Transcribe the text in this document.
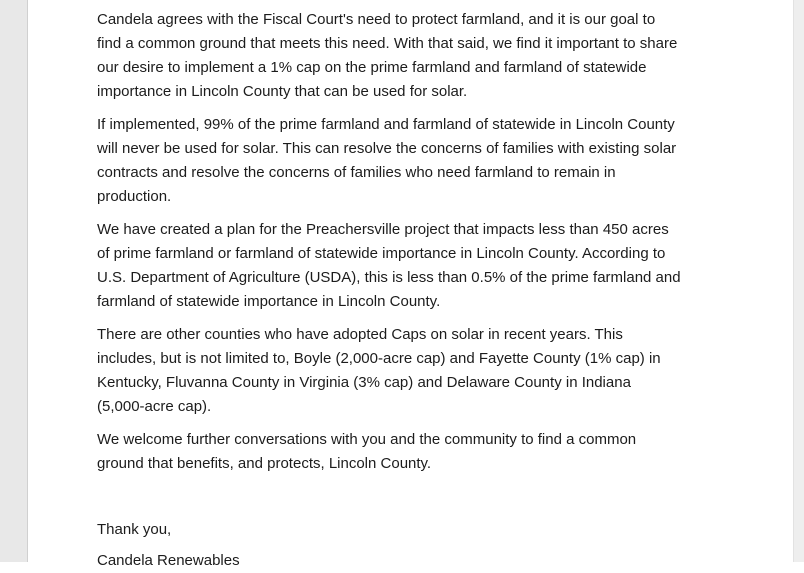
Candela agrees with the Fiscal Court's need to protect farmland, and it is our goal to
find a common ground that meets this need. With that said, we find it important to share
our desire to implement a 1% cap on the prime farmland and farmland of statewide
importance in Lincoln County that can be used for solar.
If implemented, 99% of the prime farmland and farmland of statewide in Lincoln County
will never be used for solar. This can resolve the concerns of families with existing solar
contracts and resolve the concerns of families who need farmland to remain in
production.
We have created a plan for the Preachersville project that impacts less than 450 acres
of prime farmland or farmland of statewide importance in Lincoln County. According to
U.S. Department of Agriculture (USDA), this is less than 0.5% of the prime farmland and
farmland of statewide importance in Lincoln County.
There are other counties who have adopted Caps on solar in recent years. This
includes, but is not limited to, Boyle (2,000-acre cap) and Fayette County (1% cap) in
Kentucky, Fluvanna County in Virginia (3% cap) and Delaware County in Indiana
(5,000-acre cap).
We welcome further conversations with you and the community to find a common
ground that benefits, and protects, Lincoln County.
Thank you,
Candela Renewables
